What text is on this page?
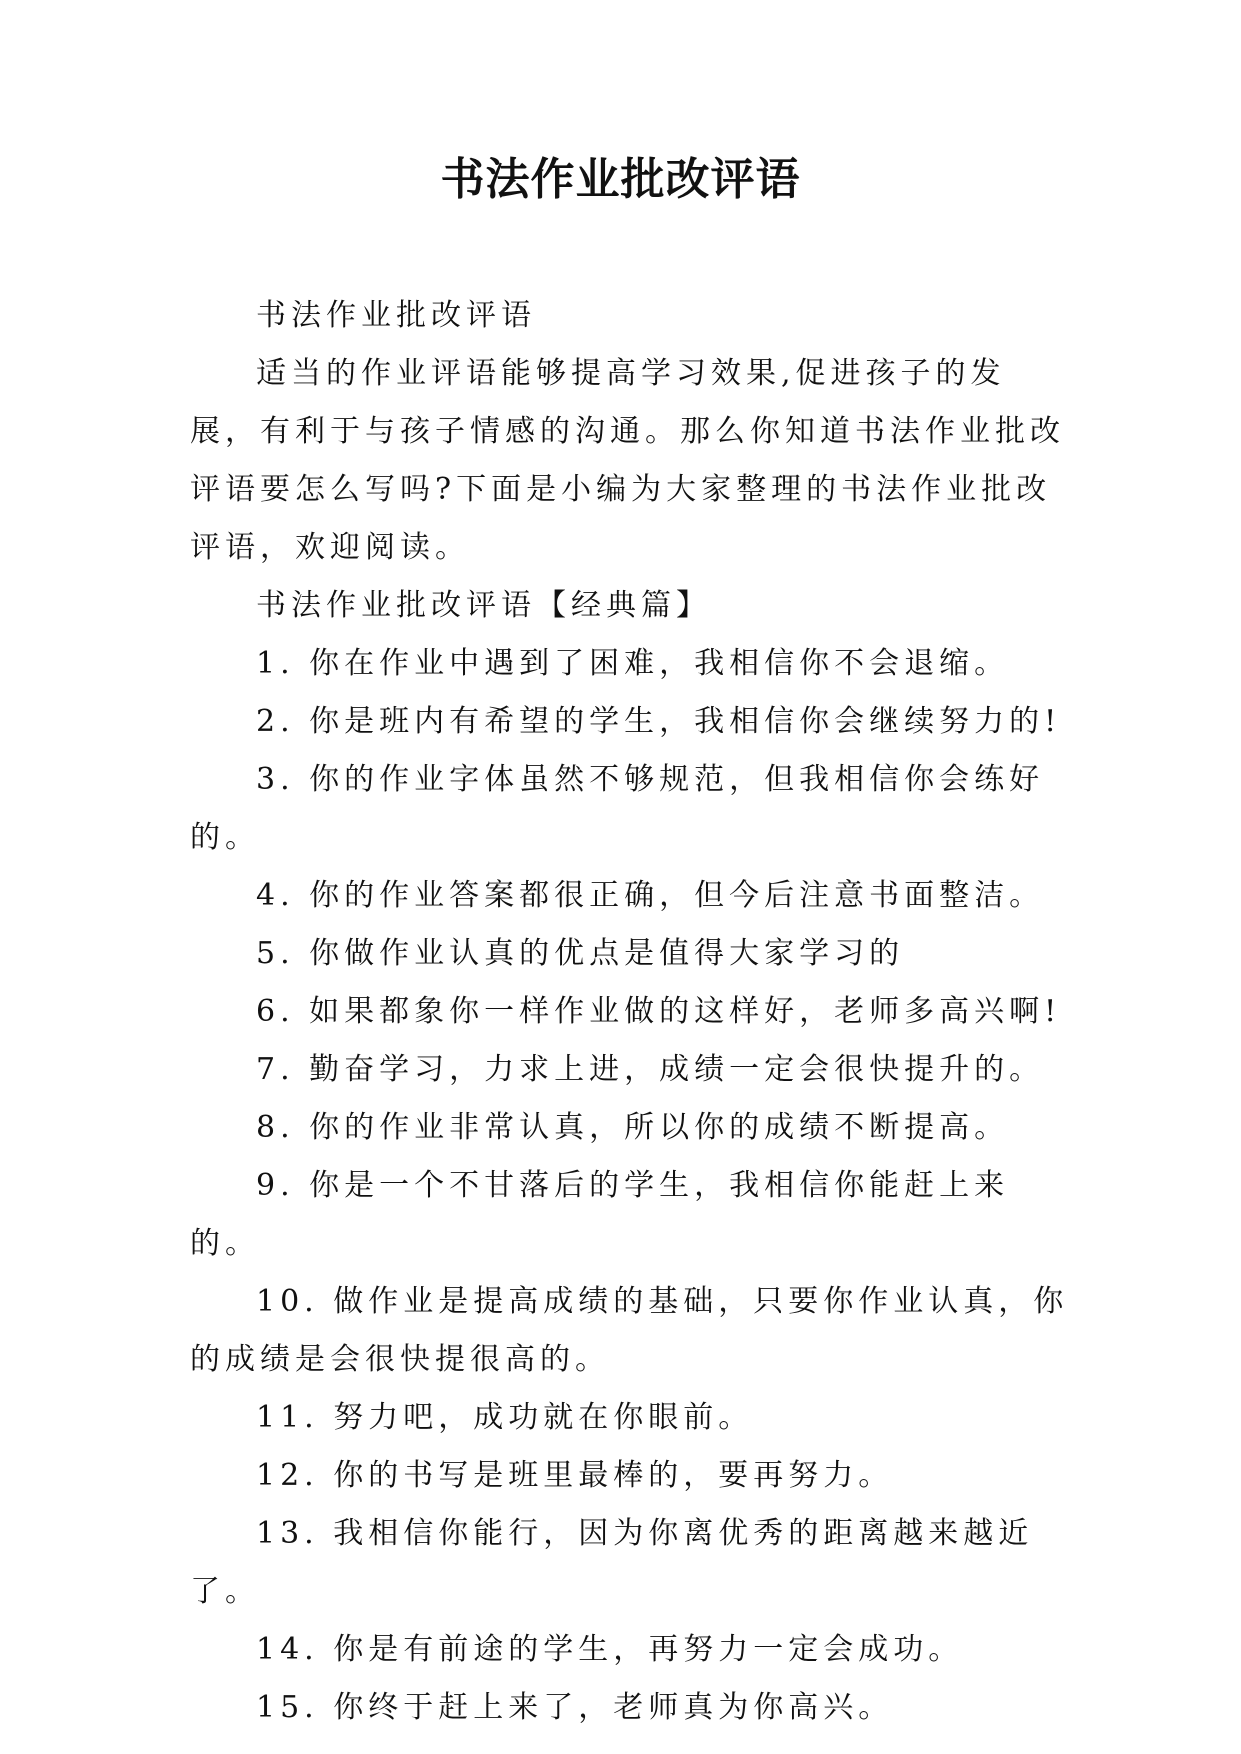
书法作业批改评语

书法作业批改评语

适当的作业评语能够提高学习效果,促进孩子的发展，有利于与孩子情感的沟通。那么你知道书法作业批改评语要怎么写吗?下面是小编为大家整理的书法作业批改评语，欢迎阅读。

书法作业批改评语【经典篇】

1. 你在作业中遇到了困难，我相信你不会退缩。

2. 你是班内有希望的学生，我相信你会继续努力的!

3. 你的作业字体虽然不够规范，但我相信你会练好的。

4. 你的作业答案都很正确，但今后注意书面整洁。

5. 你做作业认真的优点是值得大家学习的

6. 如果都象你一样作业做的这样好，老师多高兴啊!

7. 勤奋学习，力求上进，成绩一定会很快提升的。

8. 你的作业非常认真，所以你的成绩不断提高。

9. 你是一个不甘落后的学生，我相信你能赶上来的。

10. 做作业是提高成绩的基础，只要你作业认真，你的成绩是会很快提很高的。

11. 努力吧，成功就在你眼前。

12. 你的书写是班里最棒的，要再努力。

13. 我相信你能行，因为你离优秀的距离越来越近了。

14. 你是有前途的学生，再努力一定会成功。

15. 你终于赶上来了，老师真为你高兴。
